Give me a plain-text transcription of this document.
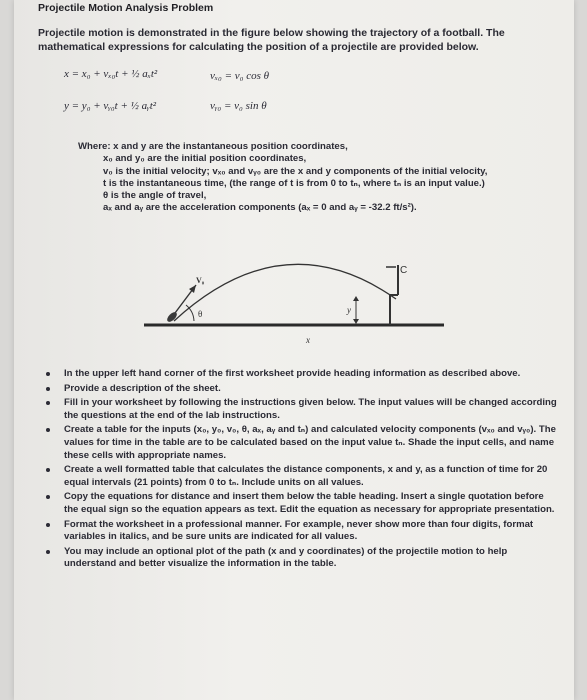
Projectile Motion Analysis Problem
Projectile motion is demonstrated in the figure below showing the trajectory of a football. The mathematical expressions for calculating the position of a projectile are provided below.
x = x₀ + vₓ₀t + ½ aₓt²
y = y₀ + vᵧ₀t + ½ aᵧt²
vₓ₀ = v₀ cos θ
vᵧ₀ = v₀ sin θ
Where: x and y are the instantaneous position coordinates,
x₀ and y₀ are the initial position coordinates,
v₀ is the initial velocity; vₓ₀ and vᵧ₀ are the x and y components of the initial velocity,
t is the instantaneous time, (the range of t is from 0 to tₙ, where tₙ is an input value.)
θ is the angle of travel,
aₓ and aᵧ are the acceleration components (aₓ = 0 and aᵧ = -32.2 ft/s²).
V₀
θ	y
x
C
In the upper left hand corner of the first worksheet provide heading information as described above.
Provide a description of the sheet.
Fill in your worksheet by following the instructions given below. The input values will be changed according the questions at the end of the lab instructions.
Create a table for the inputs (x₀, y₀, v₀, θ, aₓ, aᵧ and tₙ) and calculated velocity components (vₓ₀ and vᵧ₀). The values for time in the table are to be calculated based on the input value tₙ. Shade the input cells, and name these cells with appropriate names.
Create a well formatted table that calculates the distance components, x and y, as a function of time for 20 equal intervals (21 points) from 0 to tₙ. Include units on all values.
Copy the equations for distance and insert them below the table heading. Insert a single quotation before the equal sign so the equation appears as text. Edit the equation as necessary for appropriate presentation.
Format the worksheet in a professional manner. For example, never show more than four digits, format variables in italics, and be sure units are indicated for all values.
You may include an optional plot of the path (x and y coordinates) of the projectile motion to help understand and better visualize the information in the table.
